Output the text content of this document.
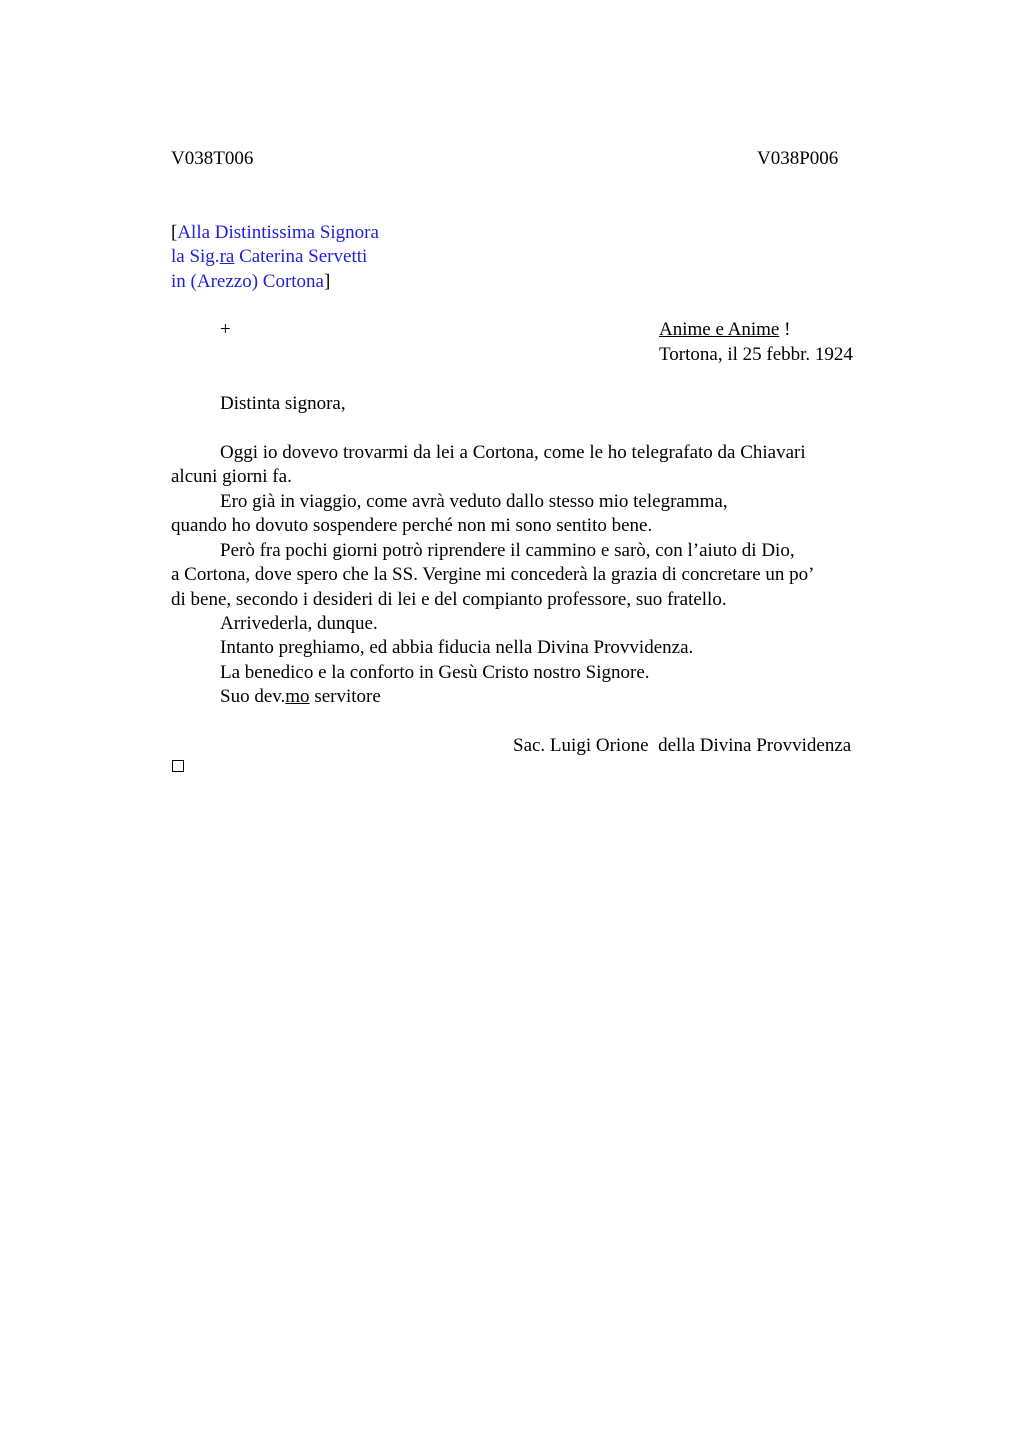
V038T006	V038P006
[Alla Distintissima Signora
la Sig.ra Caterina Servetti
in (Arezzo) Cortona]
+	Anime e Anime !
Tortona, il 25 febbr. 1924
Distinta signora,
Oggi io dovevo trovarmi da lei a Cortona, come le ho telegrafato da Chiavari
alcuni giorni fa.
Ero già in viaggio, come avrà veduto dallo stesso mio telegramma,
quando ho dovuto sospendere perché non mi sono sentito bene.
Però fra pochi giorni potrò riprendere il cammino e sarò, con l’aiuto di Dio,
a Cortona, dove spero che la SS. Vergine mi concederà la grazia di concretare un po’
di bene, secondo i desideri di lei e del compianto professore, suo fratello.
Arrivederla, dunque.
Intanto preghiamo, ed abbia fiducia nella Divina Provvidenza.
La benedico e la conforto in Gesù Cristo nostro Signore.
Suo dev.mo servitore
Sac. Luigi Orione  della Divina Provvidenza
